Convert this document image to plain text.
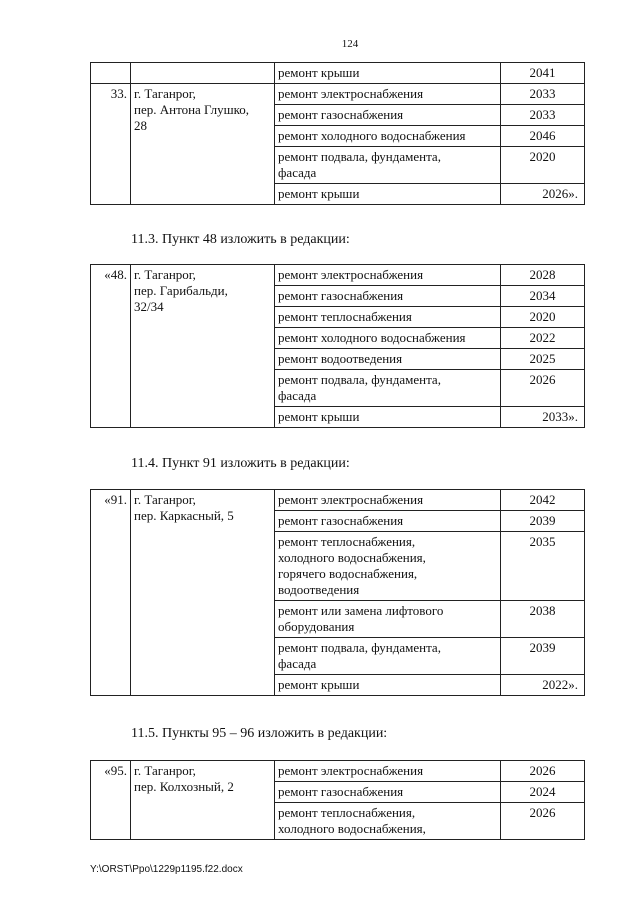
124
		ремонт крыши	2041
33.	г. Таганрог,
пер. Антона Глушко,
28	ремонт электроснабжения	2033
		ремонт газоснабжения	2033
		ремонт холодного водоснабжения	2046
		ремонт подвала, фундамента,
фасада	2020
		ремонт крыши	2026».
«48.	г. Таганрог,
пер. Гарибальди,
32/34	ремонт электроснабжения	2028
		ремонт газоснабжения	2034
		ремонт теплоснабжения	2020
		ремонт холодного водоснабжения	2022
		ремонт водоотведения	2025
		ремонт подвала, фундамента,
фасада	2026
		ремонт крыши	2033».
«91.	г. Таганрог,
пер. Каркасный, 5	ремонт электроснабжения	2042
		ремонт газоснабжения	2039
		ремонт теплоснабжения,
холодного водоснабжения,
горячего водоснабжения,
водоотведения	2035
		ремонт или замена лифтового
оборудования	2038
		ремонт подвала, фундамента,
фасада	2039
		ремонт крыши	2022».
«95.	г. Таганрог,
пер. Колхозный, 2	ремонт электроснабжения	2026
		ремонт газоснабжения	2024
		ремонт теплоснабжения,
холодного водоснабжения,	2026
11.3. Пункт 48 изложить в редакции:
11.4. Пункт 91 изложить в редакции:
11.5. Пункты 95 – 96 изложить в редакции:
Y:\ORST\Ppo\1229p1195.f22.docx
